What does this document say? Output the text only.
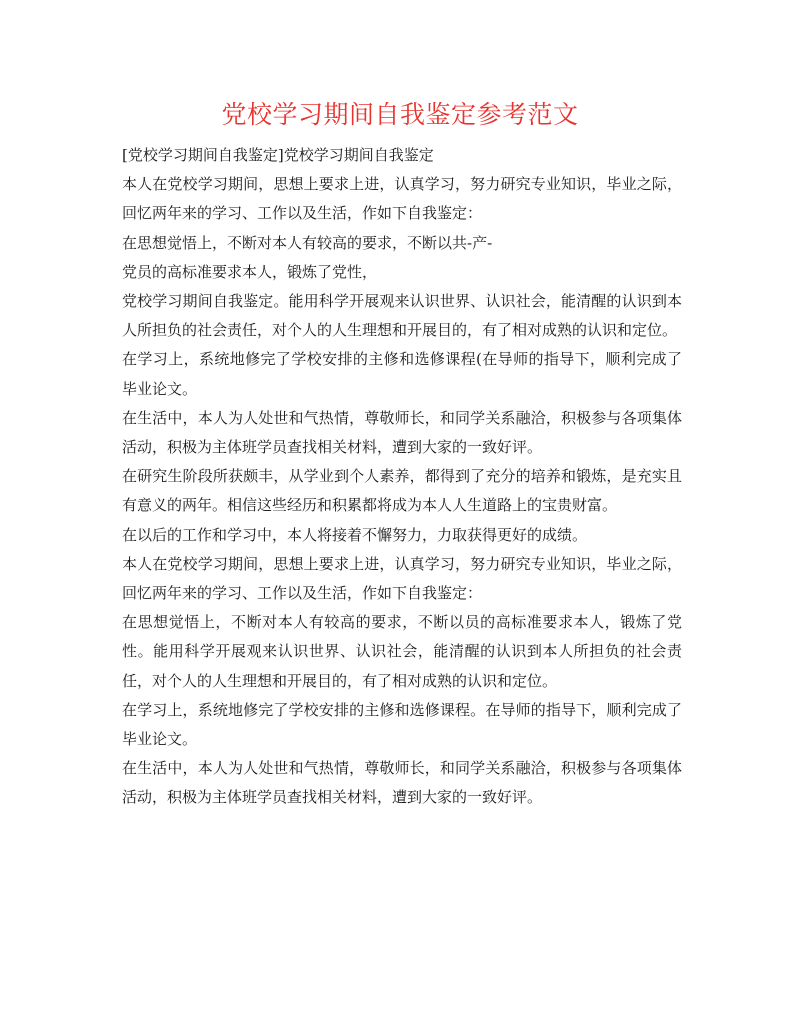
党校学习期间自我鉴定参考范文

[党校学习期间自我鉴定]党校学习期间自我鉴定

本人在党校学习期间，思想上要求上进，认真学习，努力研究专业知识，毕业之际，回忆两年来的学习、工作以及生活，作如下自我鉴定：

在思想觉悟上，不断对本人有较高的要求，不断以共-产-

党员的高标准要求本人，锻炼了党性，

党校学习期间自我鉴定。能用科学开展观来认识世界、认识社会，能清醒的认识到本人所担负的社会责任，对个人的人生理想和开展目的，有了相对成熟的认识和定位。

在学习上，系统地修完了学校安排的主修和选修课程(在导师的指导下，顺利完成了毕业论文。

在生活中，本人为人处世和气热情，尊敬师长，和同学关系融洽，积极参与各项集体活动，积极为主体班学员查找相关材料，遭到大家的一致好评。

在研究生阶段所获颇丰，从学业到个人素养，都得到了充分的培养和锻炼，是充实且有意义的两年。相信这些经历和积累都将成为本人人生道路上的宝贵财富。

在以后的工作和学习中，本人将接着不懈努力，力取获得更好的成绩。

本人在党校学习期间，思想上要求上进，认真学习，努力研究专业知识，毕业之际，回忆两年来的学习、工作以及生活，作如下自我鉴定：

在思想觉悟上，不断对本人有较高的要求，不断以员的高标准要求本人，锻炼了党性。能用科学开展观来认识世界、认识社会，能清醒的认识到本人所担负的社会责任，对个人的人生理想和开展目的，有了相对成熟的认识和定位。

在学习上，系统地修完了学校安排的主修和选修课程。在导师的指导下，顺利完成了毕业论文。

在生活中，本人为人处世和气热情，尊敬师长，和同学关系融洽，积极参与各项集体活动，积极为主体班学员查找相关材料，遭到大家的一致好评。
